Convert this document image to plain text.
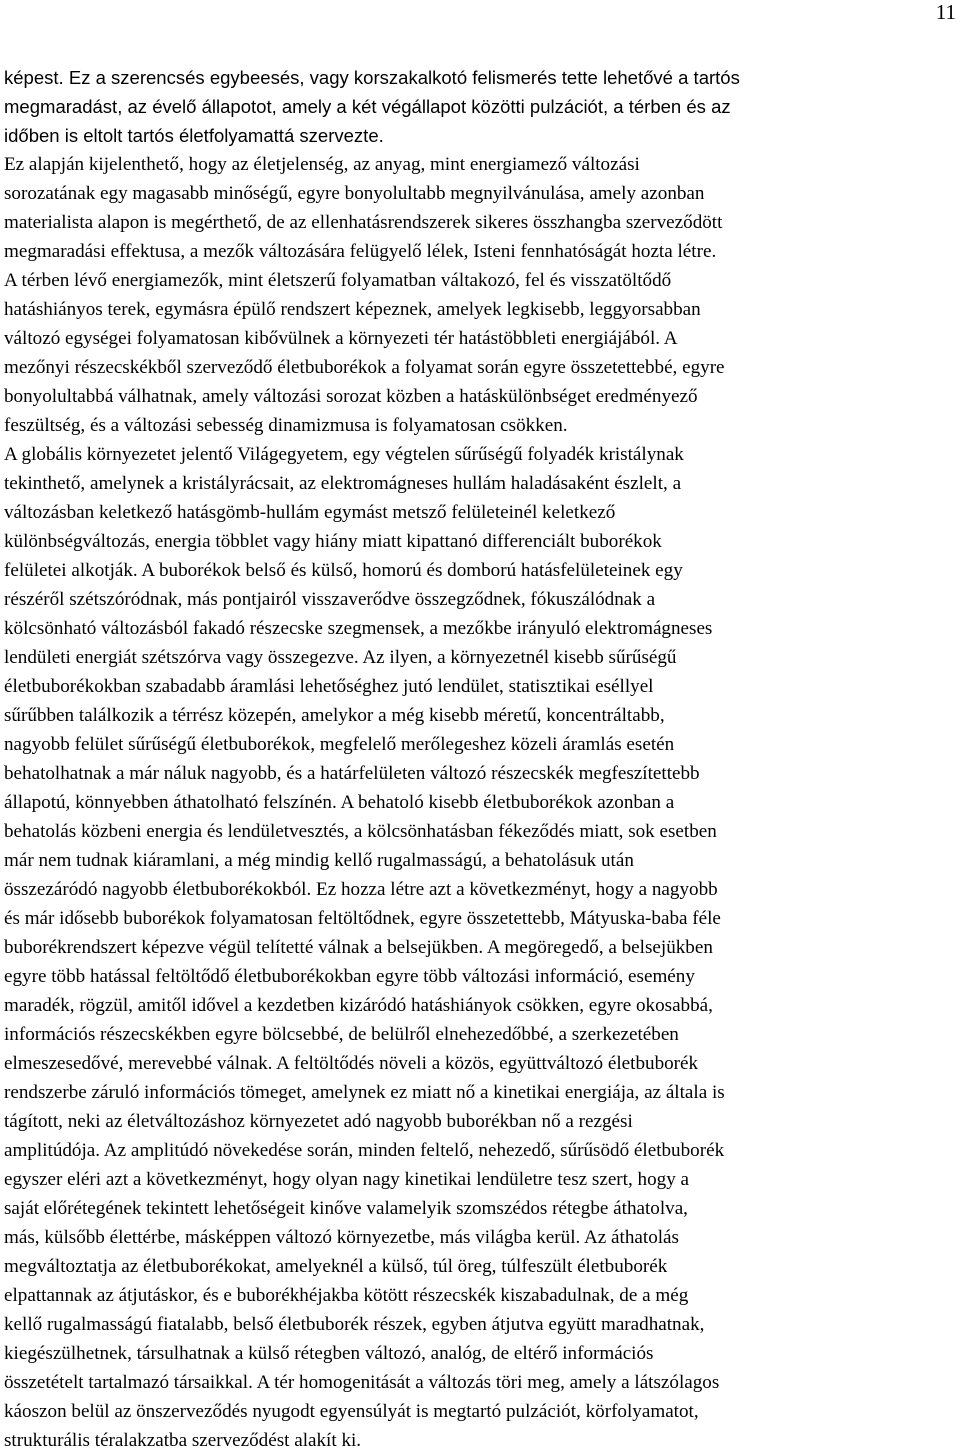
11
képest. Ez a szerencsés egybeesés, vagy korszakalkotó felismerés tette lehetővé a tartós
megmaradást, az évelő állapotot, amely a két végállapot közötti pulzációt, a térben és az
időben is eltolt tartós életfolyamattá szervezte.
Ez alapján kijelenthető, hogy az életjelenség, az anyag, mint energiamező változási
sorozatának egy magasabb minőségű, egyre bonyolultabb megnyilvánulása, amely azonban
materialista alapon is megérthető, de az ellenhatásrendszerek sikeres összhangba szerveződött
megmaradási effektusa, a mezők változására felügyelő lélek, Isteni fennhatóságát hozta létre.
A térben lévő energiamezők, mint életszerű folyamatban váltakozó, fel és visszatöltődő
hatáshiányos terek, egymásra épülő rendszert képeznek, amelyek legkisebb, leggyorsabban
változó egységei folyamatosan kibővülnek a környezeti tér hatástöbbleti energiájából. A
mezőnyi részecskékből szerveződő életbuborékok a folyamat során egyre összetettebbé, egyre
bonyolultabbá válhatnak, amely változási sorozat közben a hatáskülönbséget eredményező
feszültség, és a változási sebesség dinamizmusa is folyamatosan csökken.
A globális környezetet jelentő Világegyetem, egy végtelen sűrűségű folyadék kristálynak
tekinthető, amelynek a kristályrácsait, az elektromágneses hullám haladásaként észlelt, a
változásban keletkező hatásgömb-hullám egymást metsző felületeinél keletkező
különbségváltozás, energia többlet vagy hiány miatt kipattanó differenciált buborékok
felületei alkotják. A buborékok belső és külső, homorú és domború hatásfelületeinek egy
részéről szétszóródnak, más pontjairól visszaverődve összegződnek, fókuszálódnak a
kölcsönható változásból fakadó részecske szegmensek, a mezőkbe irányuló elektromágneses
lendületi energiát szétszórva vagy összegezve. Az ilyen, a környezetnél kisebb sűrűségű
életbuborékokban szabadabb áramlási lehetőséghez jutó lendület, statisztikai eséllyel
sűrűbben találkozik a térrész közepén, amelykor a még kisebb méretű, koncentráltabb,
nagyobb felület sűrűségű életbuborékok, megfelelő merőlegeshez közeli áramlás esetén
behatolhatnak a már náluk nagyobb, és a határfelületen változó részecskék megfeszítettebb
állapotú, könnyebben áthatolható felszínén. A behatoló kisebb életbuborékok azonban a
behatolás közbeni energia és lendületvesztés, a kölcsönhatásban fékeződés miatt, sok esetben
már nem tudnak kiáramlani, a még mindig kellő rugalmasságú, a behatolásuk után
összezáródó nagyobb életbuborékokból. Ez hozza létre azt a következményt, hogy a nagyobb
és már idősebb buborékok folyamatosan feltöltődnek, egyre összetettebb, Mátyuska-baba féle
buborékrendszert képezve végül telítetté válnak a belsejükben. A megöregedő, a belsejükben
egyre több hatással feltöltődő életbuborékokban egyre több változási információ, esemény
maradék, rögzül, amitől idővel a kezdetben kizáródó hatáshiányok csökken, egyre okosabbá,
információs részecskékben egyre bölcsebbé, de belülről elnehezedőbbé, a szerkezetében
elmeszesedővé, merevebbé válnak. A feltöltődés növeli a közös, együttváltozó életbuborék
rendszerbe záruló információs tömeget, amelynek ez miatt nő a kinetikai energiája, az általa is
tágított, neki az életváltozáshoz környezetet adó nagyobb buborékban nő a rezgési
amplitúdója. Az amplitúdó növekedése során, minden feltelő, nehezedő, sűrűsödő életbuborék
egyszer eléri azt a következményt, hogy olyan nagy kinetikai lendületre tesz szert, hogy a
saját előrétegének tekintett lehetőségeit kinőve valamelyik szomszédos rétegbe áthatolva,
más, külsőbb élettérbe, másképpen változó környezetbe, más világba kerül. Az áthatolás
megváltoztatja az életbuborékokat, amelyeknél a külső, túl öreg, túlfeszült életbuborék
elpattannak az átjutáskor, és e buborékhéjakba kötött részecskék kiszabadulnak, de a még
kellő rugalmasságú fiatalabb, belső életbuborék részek, egyben átjutva együtt maradhatnak,
kiegészülhetnek, társulhatnak a külső rétegben változó, analóg, de eltérő információs
összetételt tartalmazó társaikkal. A tér homogenitását a változás töri meg, amely a látszólagos
káoszon belül az önszerveződés nyugodt egyensúlyát is megtartó pulzációt, körfolyamatot,
strukturális téralakzatba szerveződést alakít ki.
